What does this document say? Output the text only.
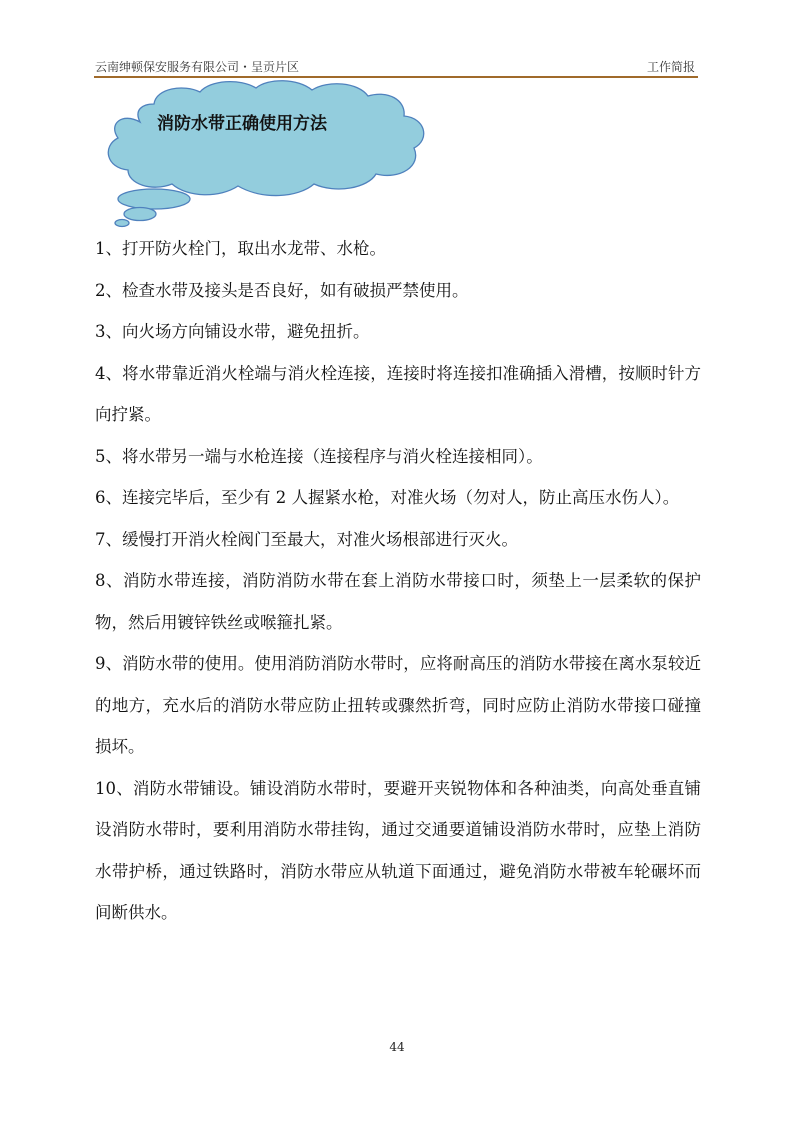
云南绅顿保安服务有限公司・呈贡片区	工作简报
消防水带正确使用方法

1、打开防火栓门，取出水龙带、水枪。

2、检查水带及接头是否良好，如有破损严禁使用。

3、向火场方向铺设水带，避免扭折。

4、将水带靠近消火栓端与消火栓连接，连接时将连接扣准确插入滑槽，按顺时针方向拧紧。

5、将水带另一端与水枪连接（连接程序与消火栓连接相同）。

6、连接完毕后，至少有 2 人握紧水枪，对准火场（勿对人，防止高压水伤人）。

7、缓慢打开消火栓阀门至最大，对准火场根部进行灭火。

8、消防水带连接，消防消防水带在套上消防水带接口时，须垫上一层柔软的保护物，然后用镀锌铁丝或喉箍扎紧。

9、消防水带的使用。使用消防消防水带时，应将耐高压的消防水带接在离水泵较近的地方，充水后的消防水带应防止扭转或骤然折弯，同时应防止消防水带接口碰撞损坏。

10、消防水带铺设。铺设消防水带时，要避开夹锐物体和各种油类，向高处垂直铺设消防水带时，要利用消防水带挂钩，通过交通要道铺设消防水带时，应垫上消防水带护桥，通过铁路时，消防水带应从轨道下面通过，避免消防水带被车轮碾坏而间断供水。

44
